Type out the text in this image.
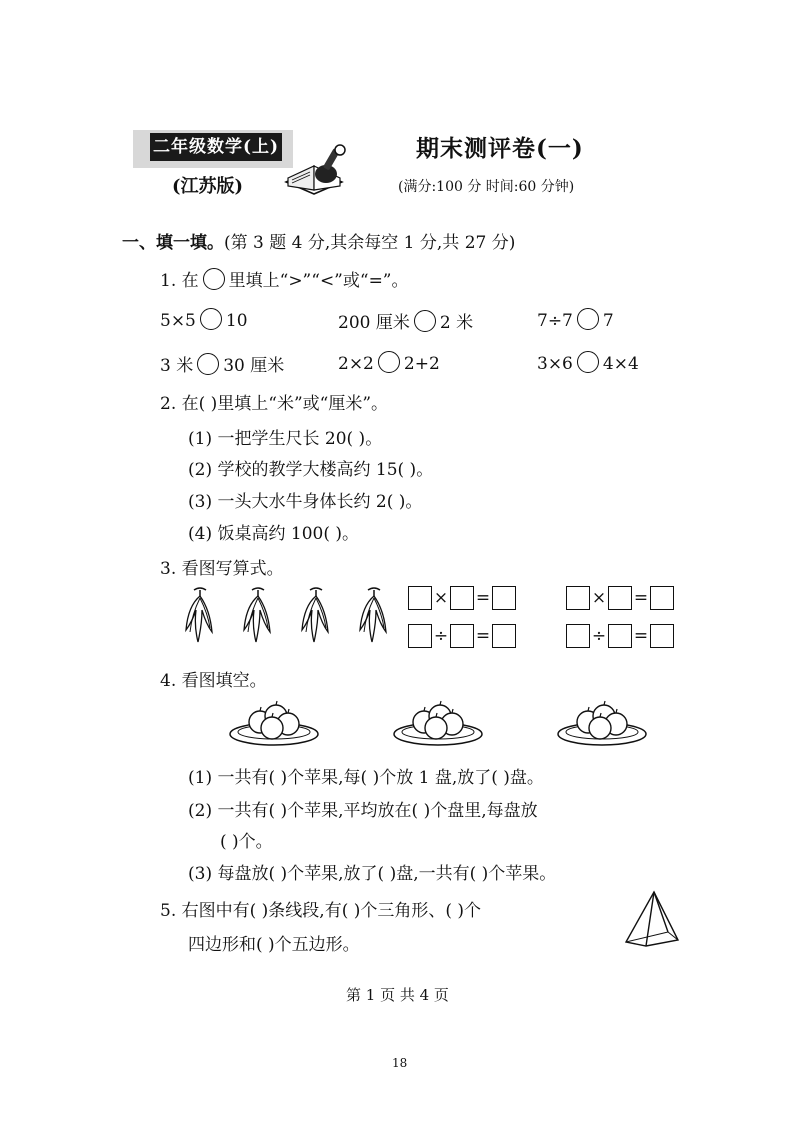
二年级数学(上)
(江苏版)
期末测评卷(一)
(满分:100 分 时间:60 分钟)
一、填一填。(第 3 题 4 分,其余每空 1 分,共 27 分)
1. 在 里填上“>”“<”或“=”。
5×5 10	200 厘米 2 米	7÷7 7
3 米 30 厘米	2×2 2+2	3×6 4×4
2. 在( )里填上“米”或“厘米”。
(1) 一把学生尺长 20( )。
(2) 学校的教学大楼高约 15( )。
(3) 一头大水牛身体长约 2( )。
(4) 饭桌高约 100( )。
3. 看图写算式。
× =	× =
÷ =	÷ =
4. 看图填空。
(1) 一共有( )个苹果,每( )个放 1 盘,放了( )盘。
(2) 一共有( )个苹果,平均放在( )个盘里,每盘放
( )个。
(3) 每盘放( )个苹果,放了( )盘,一共有( )个苹果。
5. 右图中有( )条线段,有( )个三角形、( )个
四边形和( )个五边形。
第 1 页 共 4 页
18
